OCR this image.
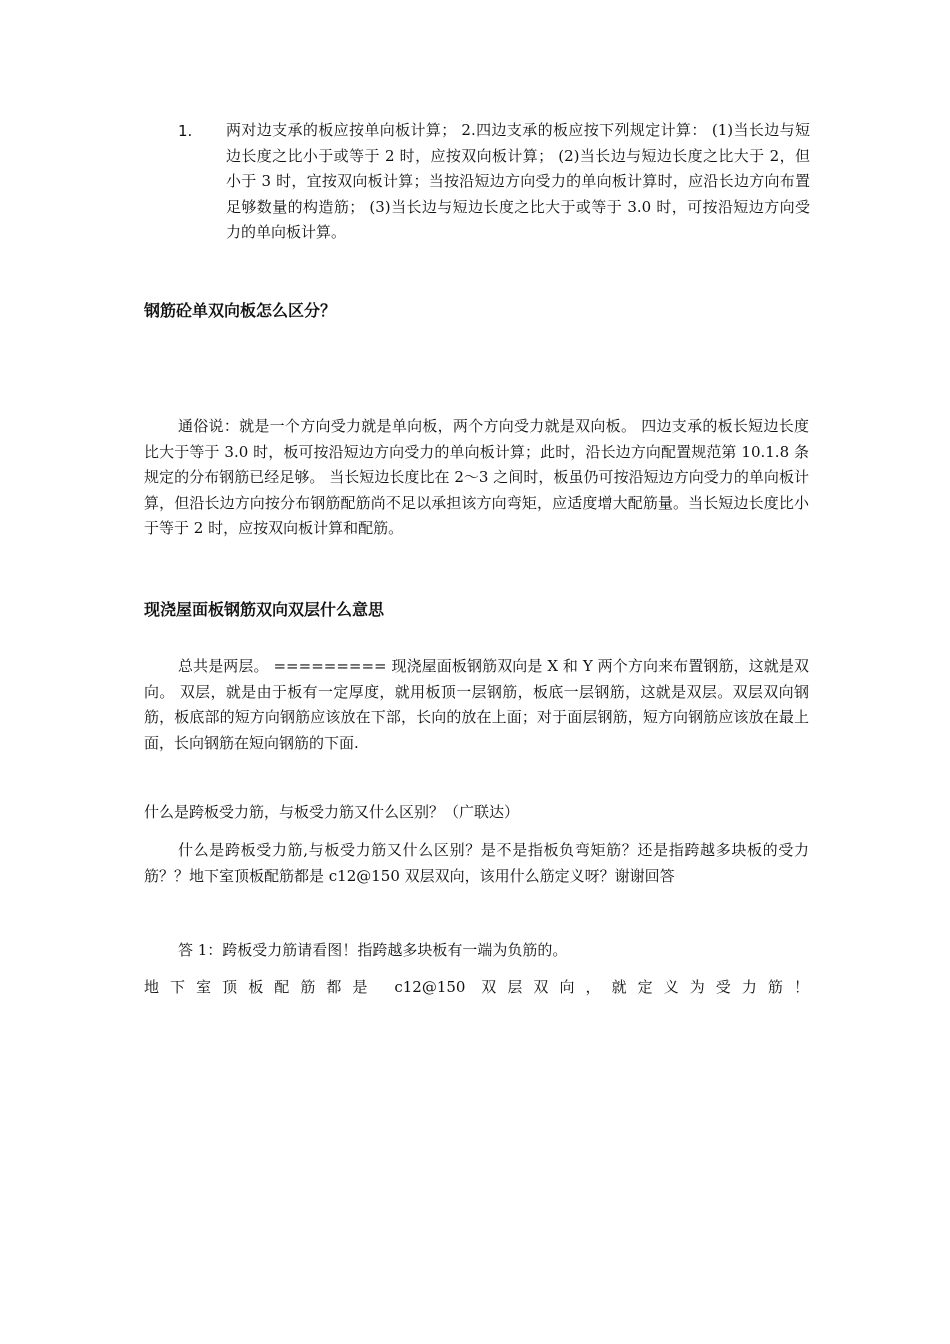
1. 两对边支承的板应按单向板计算； 2.四边支承的板应按下列规定计算： (1)当长边与短边长度之比小于或等于 2 时，应按双向板计算； (2)当长边与短边长度之比大于 2，但小于 3 时，宜按双向板计算；当按沿短边方向受力的单向板计算时，应沿长边方向布置足够数量的构造筋； (3)当长边与短边长度之比大于或等于 3.0 时，可按沿短边方向受力的单向板计算。
钢筋砼单双向板怎么区分？
通俗说：就是一个方向受力就是单向板，两个方向受力就是双向板。 四边支承的板长短边长度比大于等于 3.0 时，板可按沿短边方向受力的单向板计算；此时，沿长边方向配置规范第 10.1.8 条规定的分布钢筋已经足够。 当长短边长度比在 2～3 之间时，板虽仍可按沿短边方向受力的单向板计算，但沿长边方向按分布钢筋配筋尚不足以承担该方向弯矩，应适度增大配筋量。当长短边长度比小于等于 2 时，应按双向板计算和配筋。
现浇屋面板钢筋双向双层什么意思
总共是两层。 ========= 现浇屋面板钢筋双向是 X 和 Y 两个方向来布置钢筋，这就是双向。 双层，就是由于板有一定厚度，就用板顶一层钢筋，板底一层钢筋，这就是双层。双层双向钢筋，板底部的短方向钢筋应该放在下部，长向的放在上面；对于面层钢筋，短方向钢筋应该放在最上面，长向钢筋在短向钢筋的下面.
什么是跨板受力筋，与板受力筋又什么区别？（广联达）
什么是跨板受力筋,与板受力筋又什么区别？是不是指板负弯矩筋？还是指跨越多块板的受力筋？？地下室顶板配筋都是 c12@150 双层双向，该用什么筋定义呀？谢谢回答
答 1：跨板受力筋请看图！指跨越多块板有一端为负筋的。
地下室顶板配筋都是 c12@150 双层双向，就定义为受力筋！
